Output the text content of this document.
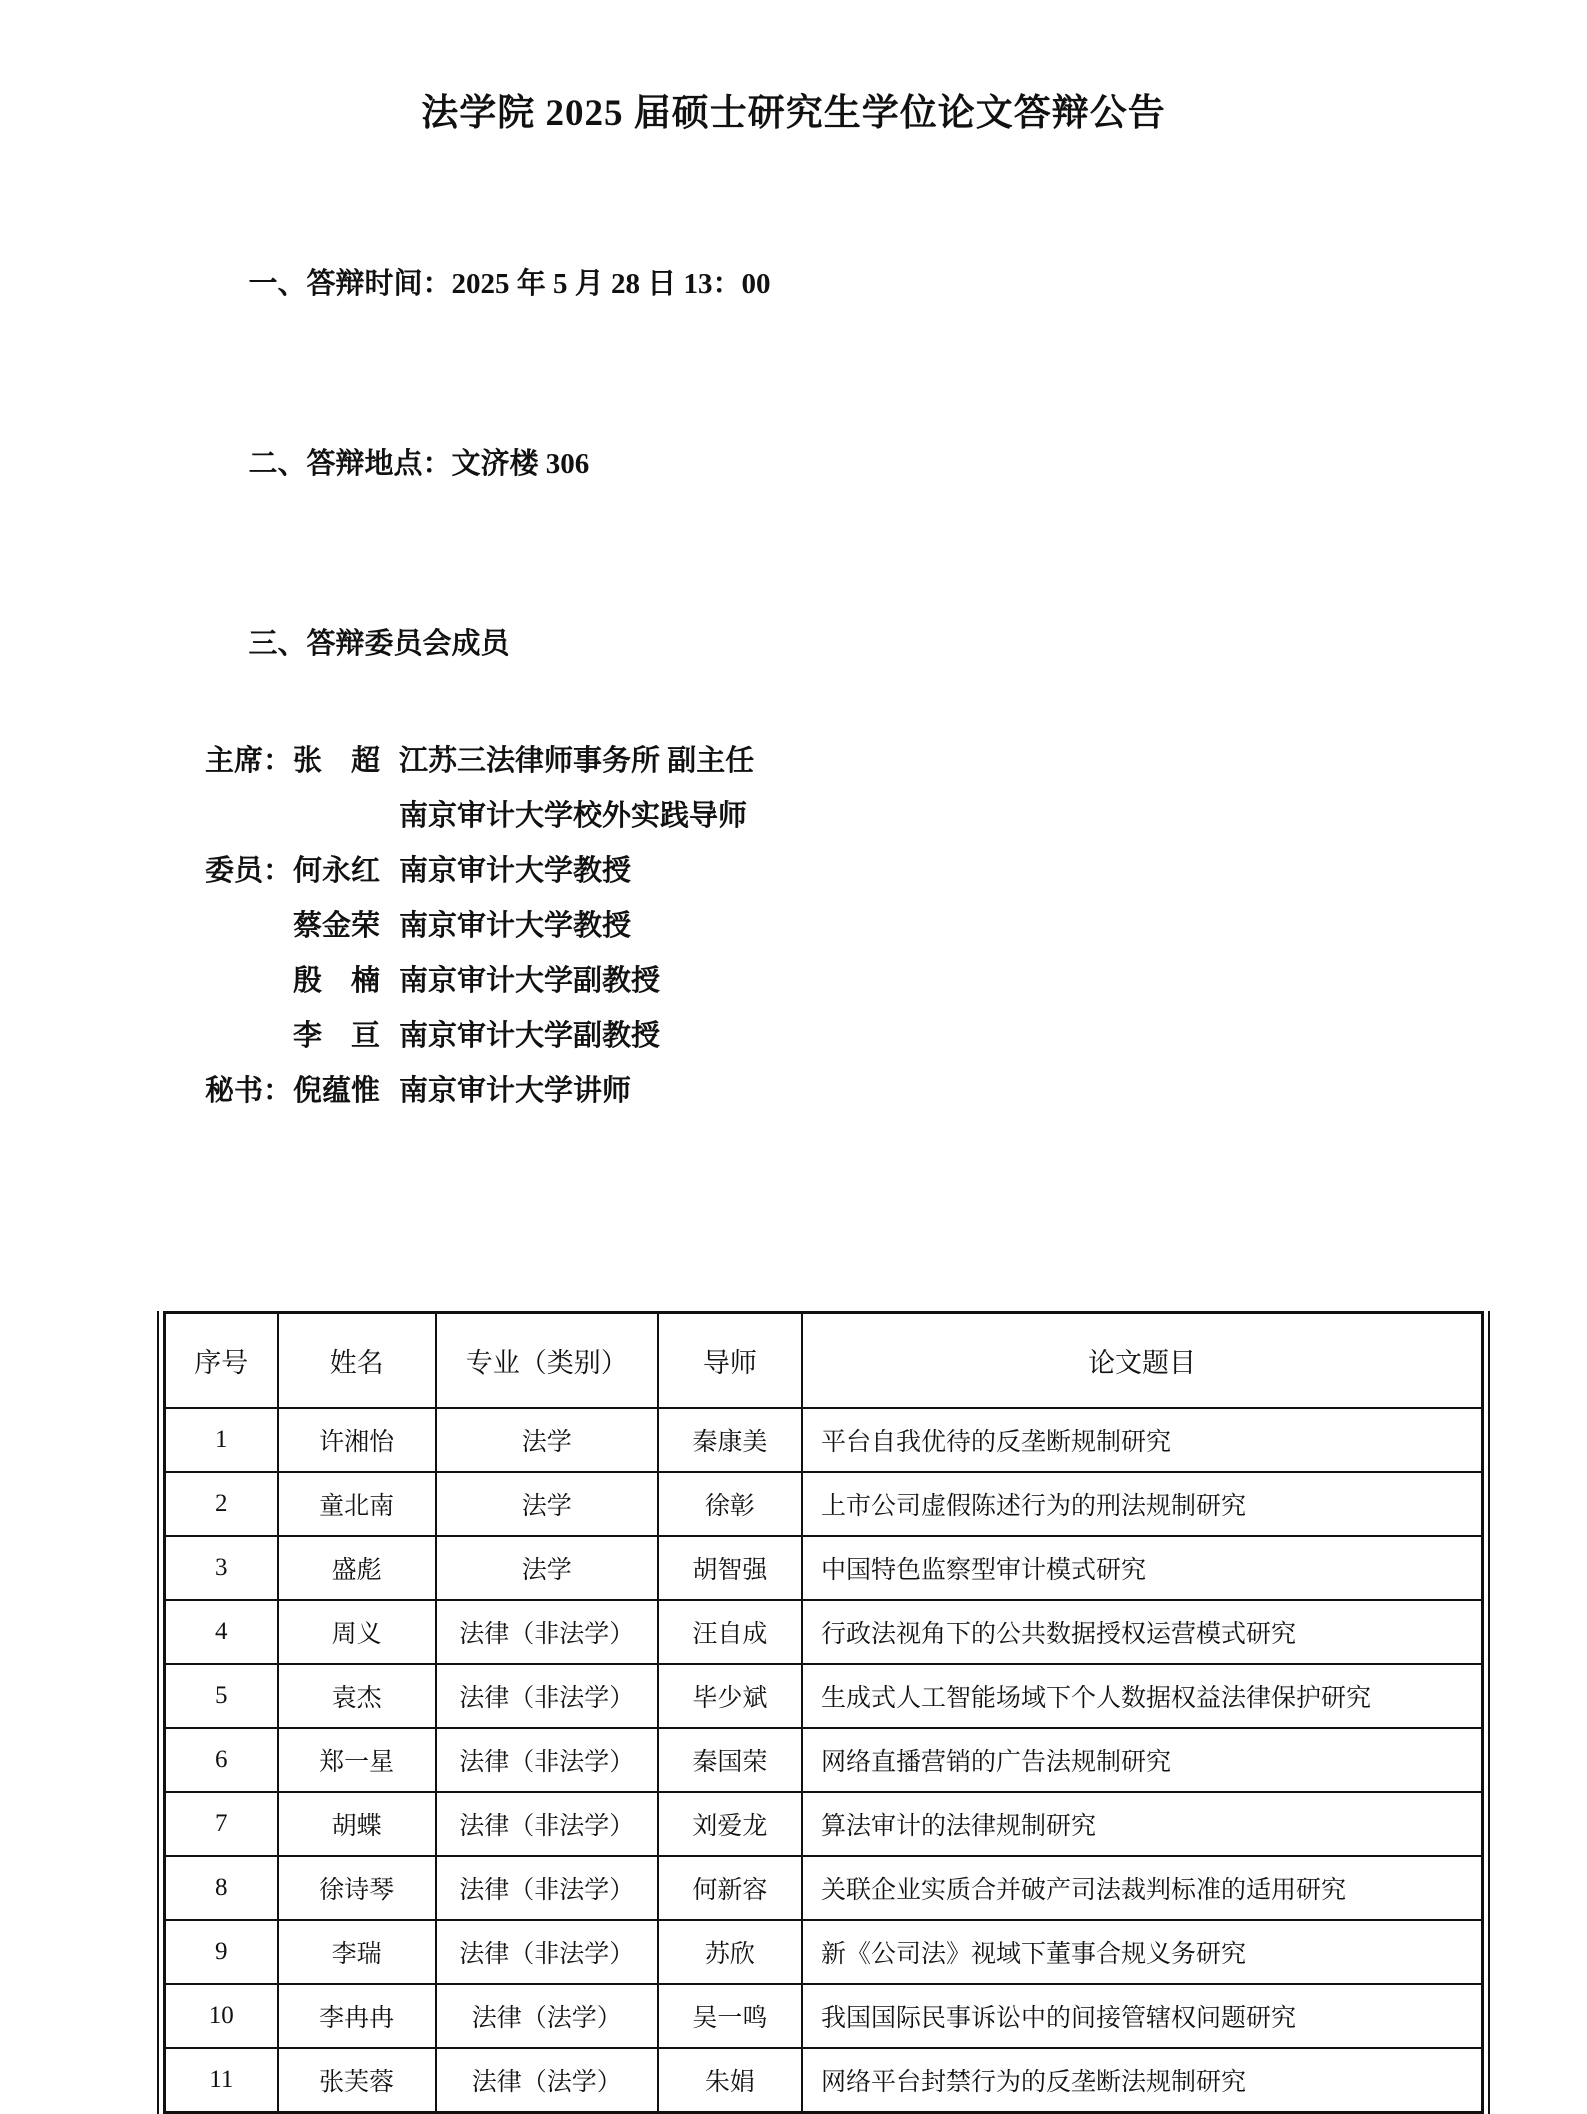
法学院 2025 届硕士研究生学位论文答辩公告

一、答辩时间：2025 年 5 月 28 日 13：00

二、答辩地点：文济楼 306

三、答辩委员会成员

主席： 张　超 江苏三法律师事务所 副主任
南京审计大学校外实践导师
委员： 何永红 南京审计大学教授
蔡金荣 南京审计大学教授
殷　楠 南京审计大学副教授
李　亘 南京审计大学副教授
秘书： 倪蕴惟 南京审计大学讲师
序号	姓名	专业（类别）	导师	论文题目
1	许湘怡	法学	秦康美	平台自我优待的反垄断规制研究
2	童北南	法学	徐彰	上市公司虚假陈述行为的刑法规制研究
3	盛彪	法学	胡智强	中国特色监察型审计模式研究
4	周义	法律（非法学）	汪自成	行政法视角下的公共数据授权运营模式研究
5	袁杰	法律（非法学）	毕少斌	生成式人工智能场域下个人数据权益法律保护研究
6	郑一星	法律（非法学）	秦国荣	网络直播营销的广告法规制研究
7	胡蝶	法律（非法学）	刘爱龙	算法审计的法律规制研究
8	徐诗琴	法律（非法学）	何新容	关联企业实质合并破产司法裁判标准的适用研究
9	李瑞	法律（非法学）	苏欣	新《公司法》视域下董事合规义务研究
10	李冉冉	法律（法学）	吴一鸣	我国国际民事诉讼中的间接管辖权问题研究
11	张芙蓉	法律（法学）	朱娟	网络平台封禁行为的反垄断法规制研究
